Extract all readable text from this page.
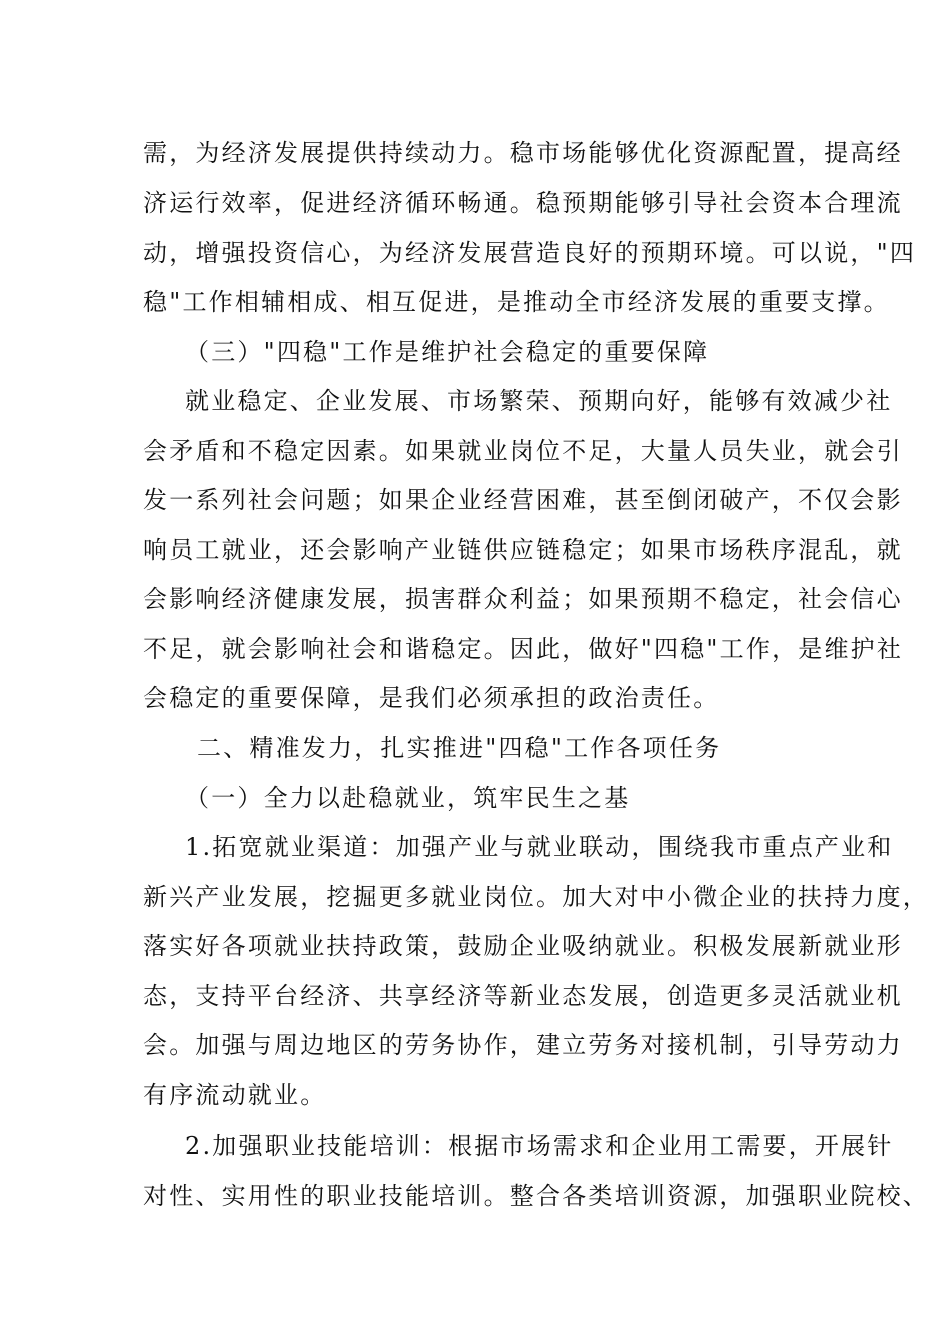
需，为经济发展提供持续动力。稳市场能够优化资源配置，提高经
济运行效率，促进经济循环畅通。稳预期能够引导社会资本合理流
动，增强投资信心，为经济发展营造良好的预期环境。可以说，"四
稳"工作相辅相成、相互促进，是推动全市经济发展的重要支撑。
（三）"四稳"工作是维护社会稳定的重要保障
就业稳定、企业发展、市场繁荣、预期向好，能够有效减少社
会矛盾和不稳定因素。如果就业岗位不足，大量人员失业，就会引
发一系列社会问题；如果企业经营困难，甚至倒闭破产，不仅会影
响员工就业，还会影响产业链供应链稳定；如果市场秩序混乱，就
会影响经济健康发展，损害群众利益；如果预期不稳定，社会信心
不足，就会影响社会和谐稳定。因此，做好"四稳"工作，是维护社
会稳定的重要保障，是我们必须承担的政治责任。
二、精准发力，扎实推进"四稳"工作各项任务
（一）全力以赴稳就业，筑牢民生之基
1.拓宽就业渠道：加强产业与就业联动，围绕我市重点产业和
新兴产业发展，挖掘更多就业岗位。加大对中小微企业的扶持力度，
落实好各项就业扶持政策，鼓励企业吸纳就业。积极发展新就业形
态，支持平台经济、共享经济等新业态发展，创造更多灵活就业机
会。加强与周边地区的劳务协作，建立劳务对接机制，引导劳动力
有序流动就业。
2.加强职业技能培训：根据市场需求和企业用工需要，开展针
对性、实用性的职业技能培训。整合各类培训资源，加强职业院校、
